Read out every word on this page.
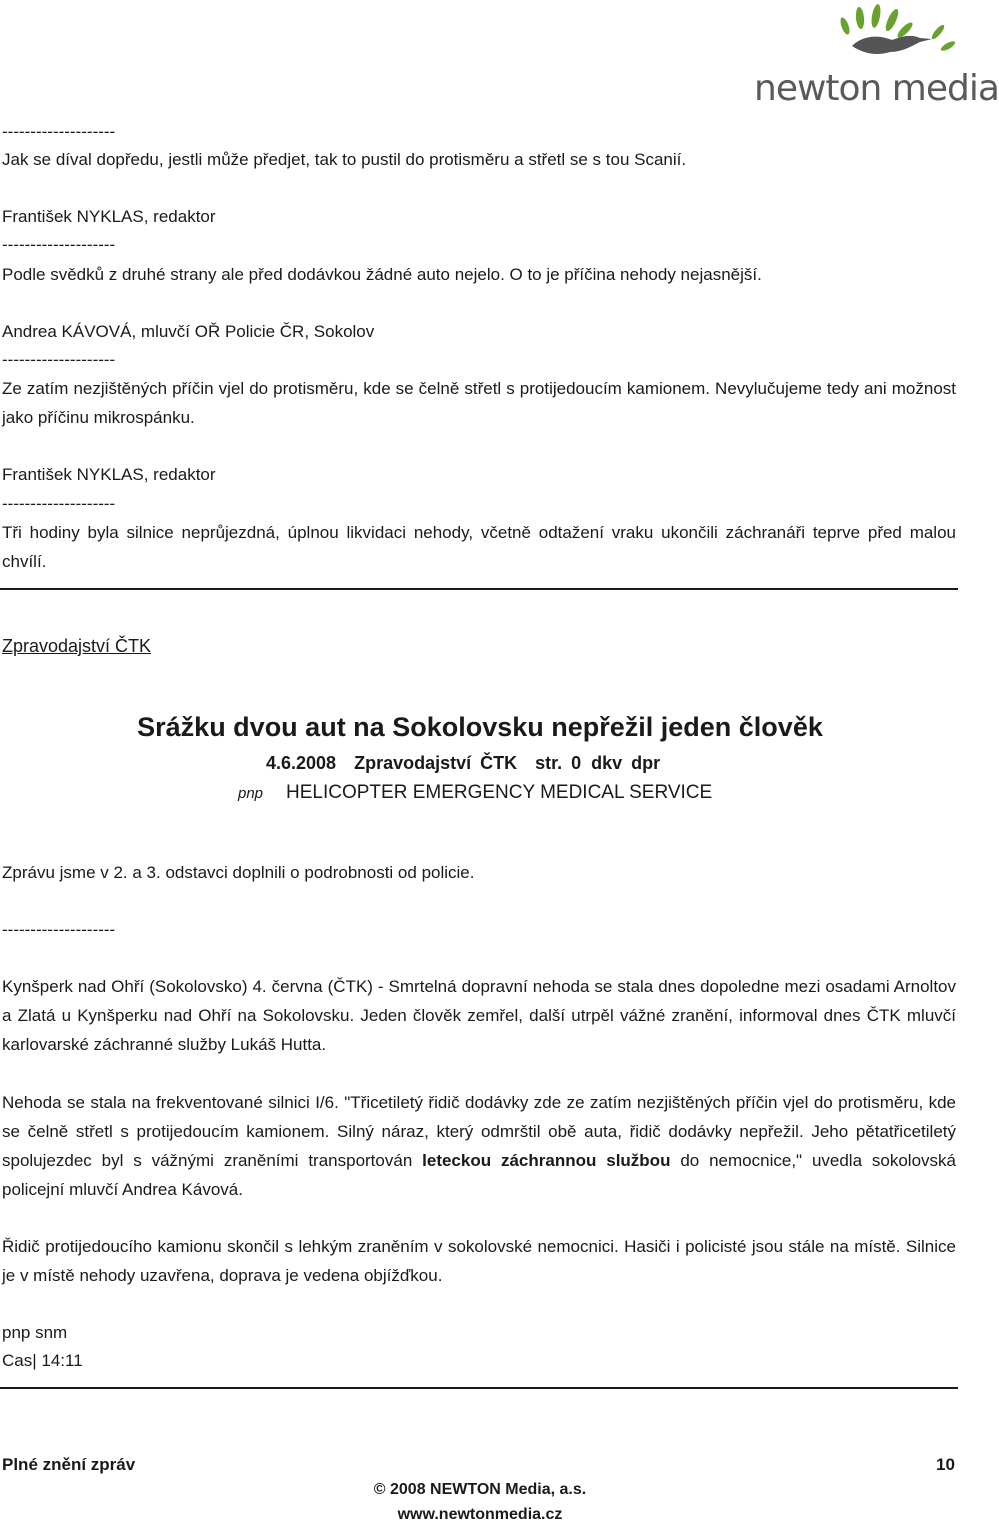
newton media
--------------------
Jak se díval dopředu, jestli může předjet, tak to pustil do protisměru a střetl se s tou Scanií.
František NYKLAS, redaktor
--------------------
Podle svědků z druhé strany ale před dodávkou žádné auto nejelo. O to je příčina nehody nejasnější.
Andrea KÁVOVÁ, mluvčí OŘ Policie ČR, Sokolov
--------------------
Ze zatím nezjištěných příčin vjel do protisměru, kde se čelně střetl s protijedoucím kamionem. Nevylučujeme tedy ani možnost jako příčinu mikrospánku.
František NYKLAS, redaktor
--------------------
Tři hodiny byla silnice neprůjezdná, úplnou likvidaci nehody, včetně odtažení vraku ukončili záchranáři teprve před malou chvílí.
Zpravodajství ČTK
Srážku dvou aut na Sokolovsku nepřežil jeden člověk
4.6.2008 Zpravodajství ČTK str. 0 dkv dpr
pnp HELICOPTER EMERGENCY MEDICAL SERVICE
Zprávu jsme v 2. a 3. odstavci doplnili o podrobnosti od policie.
--------------------
Kynšperk nad Ohří (Sokolovsko) 4. června (ČTK) - Smrtelná dopravní nehoda se stala dnes dopoledne mezi osadami Arnoltov a Zlatá u Kynšperku nad Ohří na Sokolovsku. Jeden člověk zemřel, další utrpěl vážné zranění, informoval dnes ČTK mluvčí karlovarské záchranné služby Lukáš Hutta.
Nehoda se stala na frekventované silnici I/6. "Třicetiletý řidič dodávky zde ze zatím nezjištěných příčin vjel do protisměru, kde se čelně střetl s protijedoucím kamionem. Silný náraz, který odmrštil obě auta, řidič dodávky nepřežil. Jeho pětatřicetiletý spolujezdec byl s vážnými zraněními transportován leteckou záchrannou službou do nemocnice," uvedla sokolovská policejní mluvčí Andrea Kávová.
Řidič protijedoucího kamionu skončil s lehkým zraněním v sokolovské nemocnici. Hasiči i policisté jsou stále na místě. Silnice je v místě nehody uzavřena, doprava je vedena objížďkou.
pnp snm
Cas| 14:11
Plné znění zpráv	10
© 2008 NEWTON Media, a.s.
www.newtonmedia.cz
